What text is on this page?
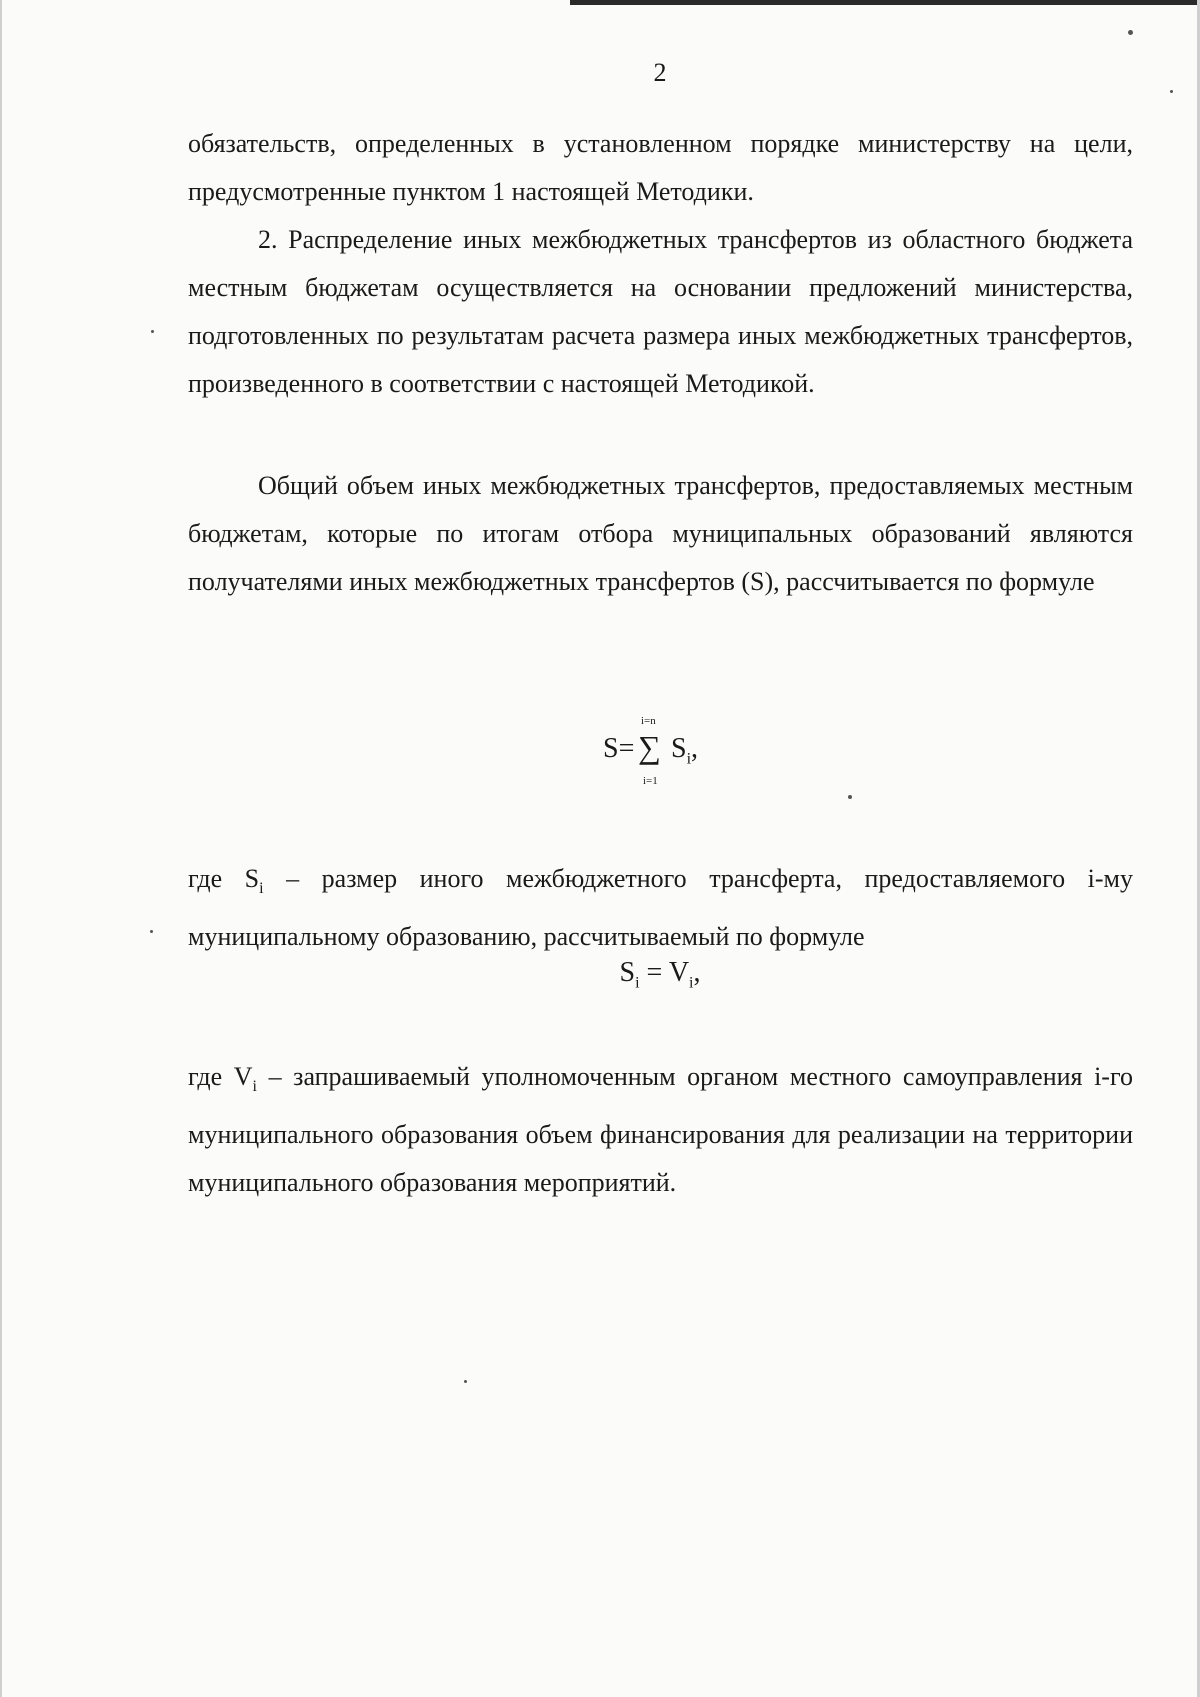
2

обязательств, определенных в установленном порядке министерству на цели, предусмотренные пунктом 1 настоящей Методики.

2. Распределение иных межбюджетных трансфертов из областного бюджета местным бюджетам осуществляется на основании предложений министерства, подготовленных по результатам расчета размера иных межбюджетных трансфертов, произведенного в соответствии с настоящей Методикой.

Общий объем иных межбюджетных трансфертов, предоставляемых местным бюджетам, которые по итогам отбора муниципальных образований являются получателями иных межбюджетных трансфертов (S), рассчитывается по формуле

S=
i=n
∑
i=1
$S_i$,

где $S_i$ – размер иного межбюджетного трансферта, предоставляемого i-му муниципальному образованию, рассчитываемый по формуле

$S_i = V_i$,

где $V_i$ – запрашиваемый уполномоченным органом местного самоуправления i-го муниципального образования объем финансирования для реализации на территории муниципального образования мероприятий.
